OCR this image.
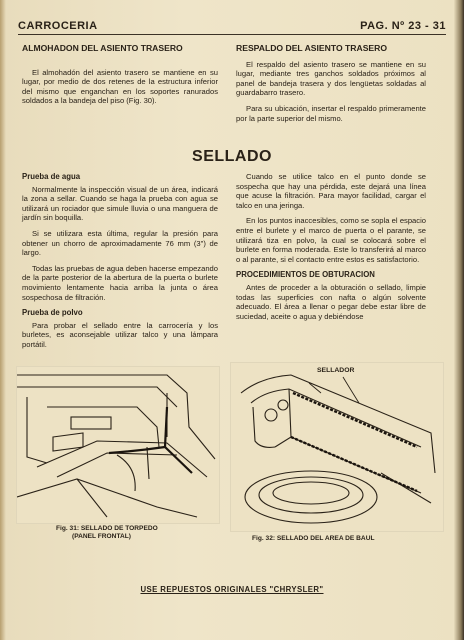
CARROCERIA	PAG. Nº 23 - 31
ALMOHADON DEL ASIENTO TRASERO

El almohadón del asiento trasero se mantiene en su lugar, por medio de dos retenes de la estructura inferior del mismo que enganchan en los soportes ranurados soldados a la bandeja del piso (Fig. 30).

RESPALDO DEL ASIENTO TRASERO

El respaldo del asiento trasero se mantiene en su lugar, mediante tres ganchos soldados próximos al panel de bandeja trasera y dos lengüetas soldadas al guardabarro trasero.

Para su ubicación, insertar el respaldo primeramente por la parte superior del mismo.

SELLADO
Prueba de agua

Normalmente la inspección visual de un área, indicará la zona a sellar. Cuando se haga la prueba con agua se utilizará un rociador que simule lluvia o una manguera de jardín sin boquilla.

Si se utilizara esta última, regular la presión para obtener un chorro de aproximadamente 76 mm (3") de largo.

Todas las pruebas de agua deben hacerse empezando de la parte posterior de la abertura de la puerta o burlete movimiento lentamente hacia arriba la junta o área sospechosa de filtración.

Prueba de polvo

Para probar el sellado entre la carrocería y los burletes, es aconsejable utilizar talco y una lámpara portátil.

Cuando se utilice talco en el punto donde se sospecha que hay una pérdida, este dejará una línea que acuse la filtración. Para mayor facilidad, cargar el talco en una jeringa.

En los puntos inaccesibles, como se sopla el espacio entre el burlete y el marco de puerta o el parante, se utilizará tiza en polvo, la cual se colocará sobre el burlete en forma moderada. Este lo transferirá al marco o al parante, si el contacto entre estos es satisfactorio.

PROCEDIMIENTOS DE OBTURACION

Antes de proceder a la obturación o sellado, limpie todas las superficies con nafta o algún solvente adecuado. El área a llenar o pegar debe estar libre de suciedad, aceite o agua y debiéndose

Fig. 31: SELLADO DE TORPEDO
(PANEL FRONTAL)
SELLADOR
Fig. 32: SELLADO DEL AREA DE BAUL
USE REPUESTOS ORIGINALES "CHRYSLER"
